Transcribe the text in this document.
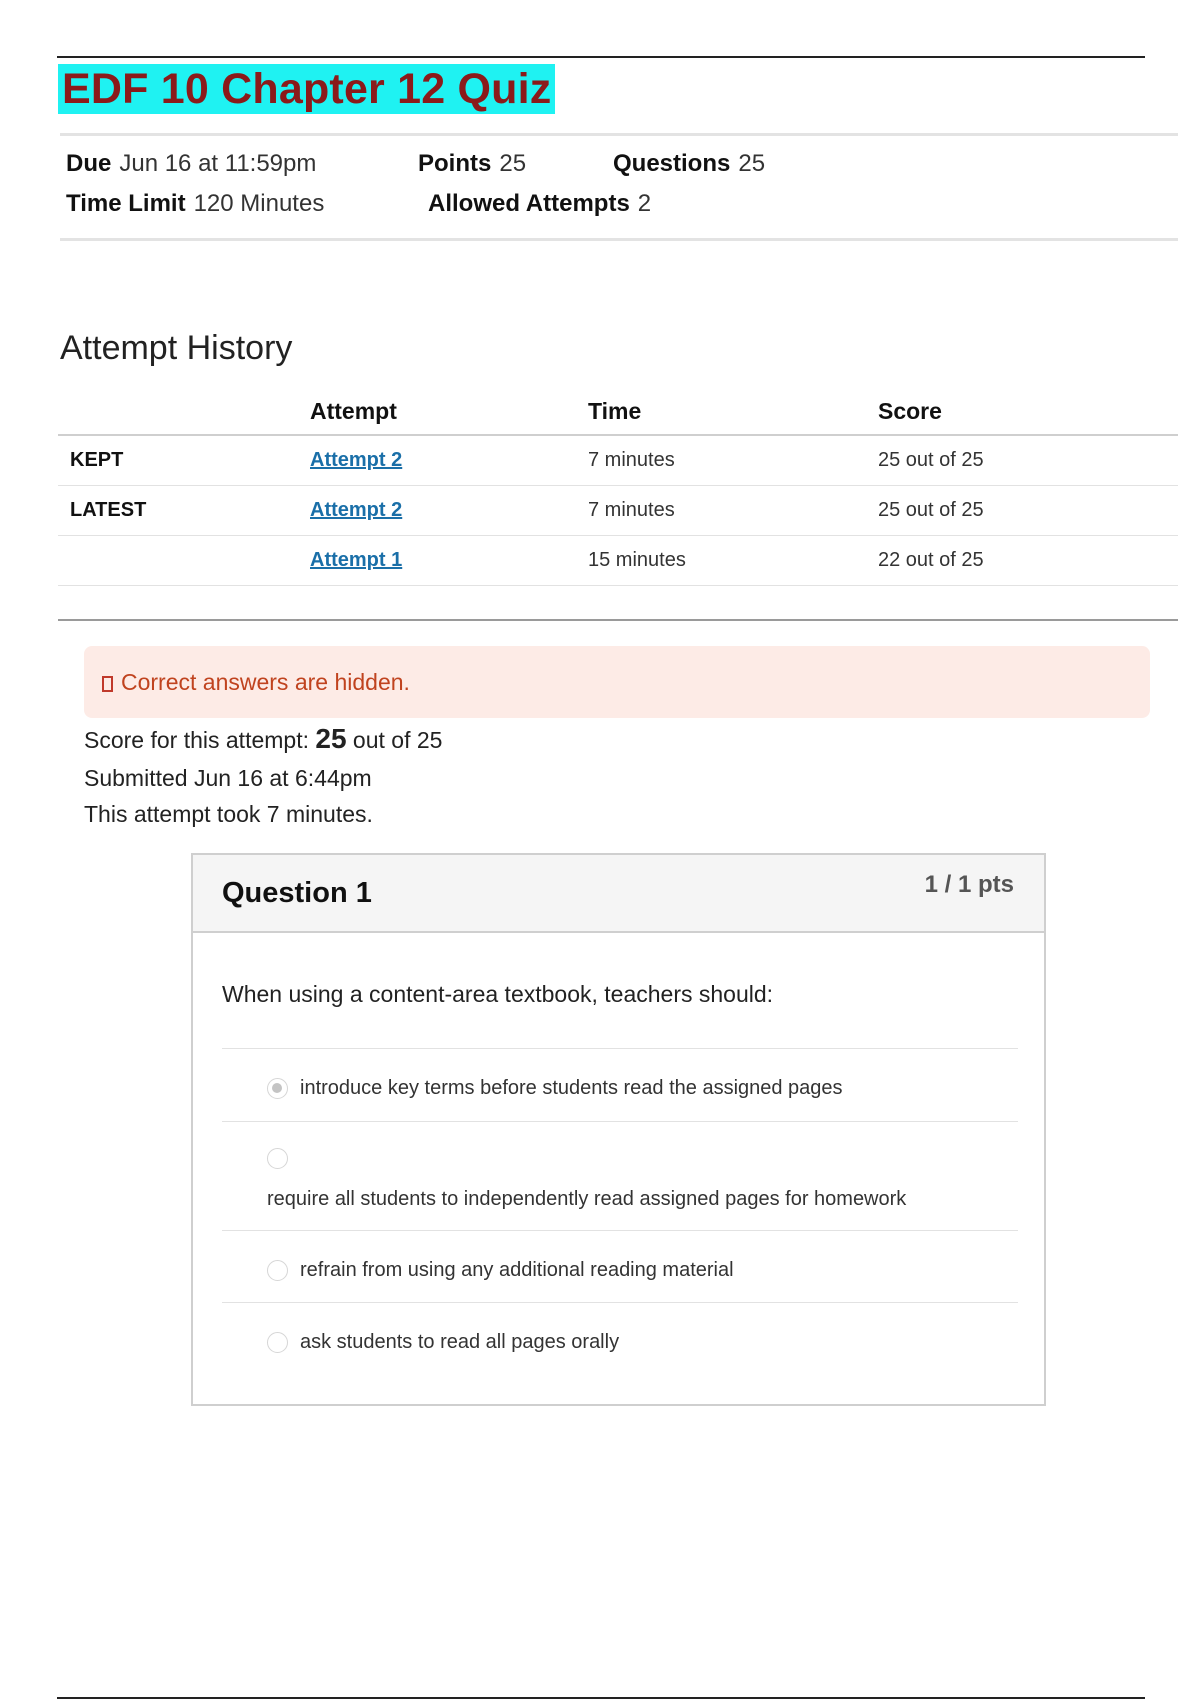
EDF 10 Chapter 12 Quiz
Due Jun 16 at 11:59pm	Points 25	Questions 25
Time Limit 120 Minutes	Allowed Attempts 2
Attempt History
	Attempt	Time	Score
KEPT	Attempt 2	7 minutes	25 out of 25
LATEST	Attempt 2	7 minutes	25 out of 25
	Attempt 1	15 minutes	22 out of 25
Correct answers are hidden.
Score for this attempt: 25 out of 25
Submitted Jun 16 at 6:44pm
This attempt took 7 minutes.
Question 1	1 / 1 pts
When using a content-area textbook, teachers should:
introduce key terms before students read the assigned pages
require all students to independently read assigned pages for homework
refrain from using any additional reading material
ask students to read all pages orally
